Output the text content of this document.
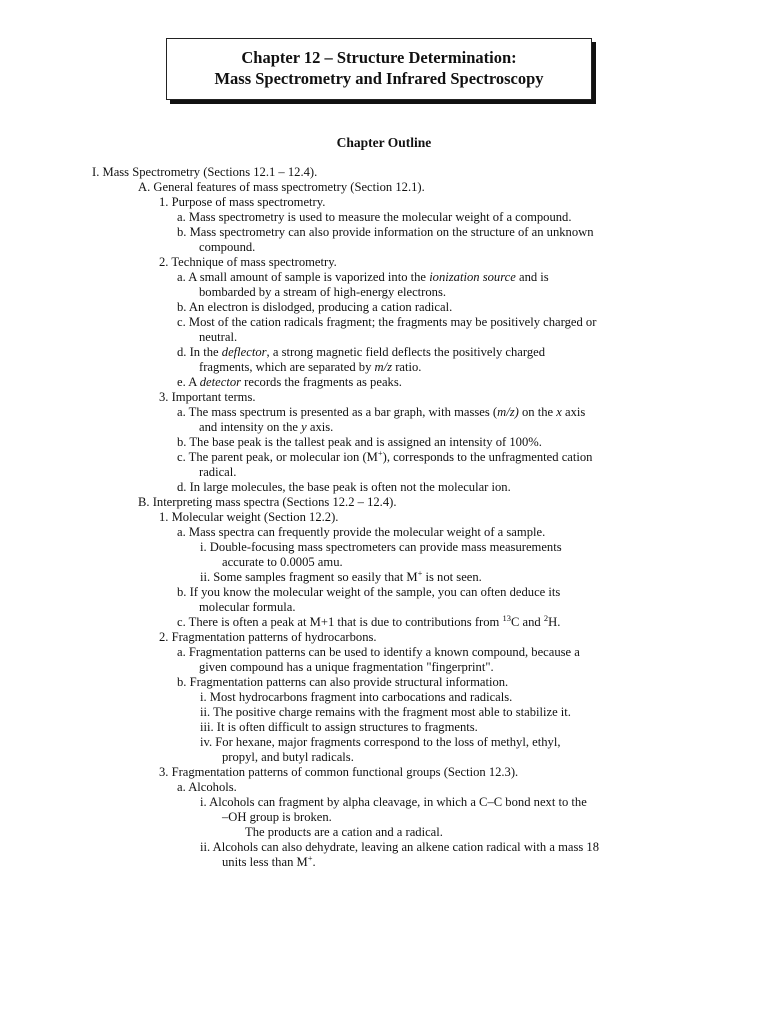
Chapter 12 – Structure Determination:
Mass Spectrometry and Infrared Spectroscopy
Chapter Outline
I. Mass Spectrometry (Sections 12.1 – 12.4).
A. General features of mass spectrometry (Section 12.1).
1. Purpose of mass spectrometry.
a. Mass spectrometry is used to measure the molecular weight of a compound.
b. Mass spectrometry can also provide information on the structure of an unknown
compound.
2. Technique of mass spectrometry.
a. A small amount of sample is vaporized into the ionization source and is
bombarded by a stream of high-energy electrons.
b. An electron is dislodged, producing a cation radical.
c. Most of the cation radicals fragment; the fragments may be positively charged or
neutral.
d. In the deflector, a strong magnetic field deflects the positively charged
fragments, which are separated by m/z ratio.
e. A detector records the fragments as peaks.
3. Important terms.
a. The mass spectrum is presented as a bar graph, with masses (m/z) on the x axis
and intensity on the y axis.
b. The base peak is the tallest peak and is assigned an intensity of 100%.
c. The parent peak, or molecular ion (M+), corresponds to the unfragmented cation
radical.
d. In large molecules, the base peak is often not the molecular ion.
B. Interpreting mass spectra (Sections 12.2 – 12.4).
1. Molecular weight (Section 12.2).
a. Mass spectra can frequently provide the molecular weight of a sample.
i. Double-focusing mass spectrometers can provide mass measurements
accurate to 0.0005 amu.
ii. Some samples fragment so easily that M+ is not seen.
b. If you know the molecular weight of the sample, you can often deduce its
molecular formula.
c. There is often a peak at M+1 that is due to contributions from $^{13}$C and $^2$H.
2. Fragmentation patterns of hydrocarbons.
a. Fragmentation patterns can be used to identify a known compound, because a
given compound has a unique fragmentation "fingerprint".
b. Fragmentation patterns can also provide structural information.
i. Most hydrocarbons fragment into carbocations and radicals.
ii. The positive charge remains with the fragment most able to stabilize it.
iii. It is often difficult to assign structures to fragments.
iv. For hexane, major fragments correspond to the loss of methyl, ethyl,
propyl, and butyl radicals.
3. Fragmentation patterns of common functional groups (Section 12.3).
a. Alcohols.
i. Alcohols can fragment by alpha cleavage, in which a C–C bond next to the
–OH group is broken.
The products are a cation and a radical.
ii. Alcohols can also dehydrate, leaving an alkene cation radical with a mass 18
units less than M+.
